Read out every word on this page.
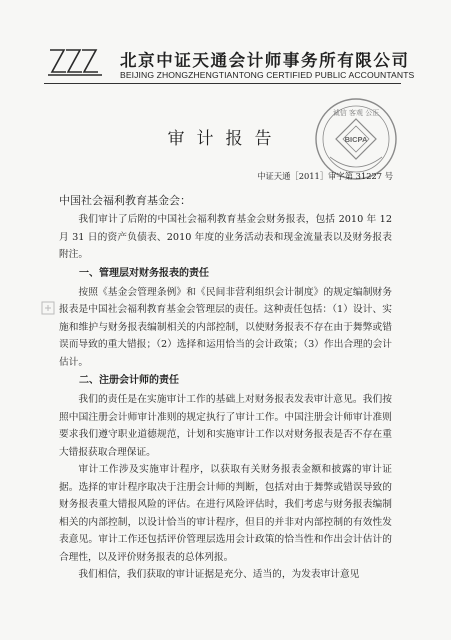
北京中证天通会计师事务所有限公司
BEIJING ZHONGZHENGTIANTONG CERTIFIED PUBLIC ACCOUNTANTS
诚信 客观 公正
BICPA
审计报告
中证天通［2011］审字第 31227 号
中国社会福利教育基金会：

我们审计了后附的中国社会福利教育基金会财务报表，包括 2010 年 12 月 31 日的资产负债表、2010 年度的业务活动表和现金流量表以及财务报表附注。

一、管理层对财务报表的责任

按照《基金会管理条例》和《民间非营利组织会计制度》的规定编制财务报表是中国社会福利教育基金会管理层的责任。这种责任包括：（1）设计、实施和维护与财务报表编制相关的内部控制，以使财务报表不存在由于舞弊或错误而导致的重大错报；（2）选择和运用恰当的会计政策；（3）作出合理的会计估计。

二、注册会计师的责任

我们的责任是在实施审计工作的基础上对财务报表发表审计意见。我们按照中国注册会计师审计准则的规定执行了审计工作。中国注册会计师审计准则要求我们遵守职业道德规范，计划和实施审计工作以对财务报表是否不存在重大错报获取合理保证。

审计工作涉及实施审计程序，以获取有关财务报表金额和披露的审计证据。选择的审计程序取决于注册会计师的判断，包括对由于舞弊或错误导致的财务报表重大错报风险的评估。在进行风险评估时，我们考虑与财务报表编制相关的内部控制，以设计恰当的审计程序，但目的并非对内部控制的有效性发表意见。审计工作还包括评价管理层选用会计政策的恰当性和作出会计估计的合理性，以及评价财务报表的总体列报。

我们相信，我们获取的审计证据是充分、适当的，为发表审计意见
